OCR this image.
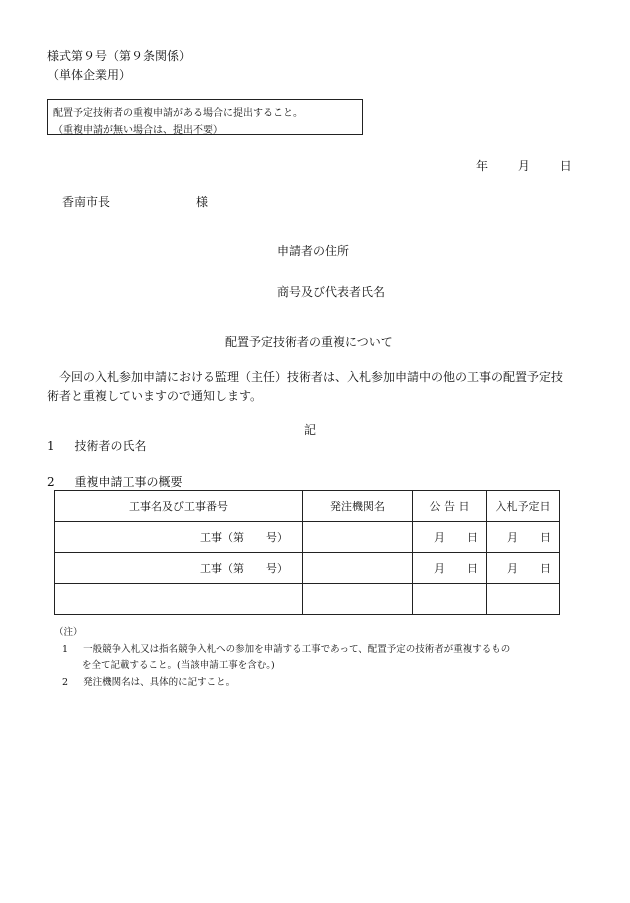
様式第９号（第９条関係）
（単体企業用）
配置予定技術者の重複申請がある場合に提出すること。
（重複申請が無い場合は、提出不要）
年 月 日
香南市長	様
申請者の住所
商号及び代表者氏名
配置予定技術者の重複について
今回の入札参加申請における監理（主任）技術者は、入札参加申請中の他の工事の配置予定技術者と重複していますので通知します。
記
1 技術者の氏名
2 重複申請工事の概要
工事名及び工事番号	発注機関名	公 告 日	入札予定日
工事（第　　号）		月 日	月 日

工事（第　　号）		月 日	月 日

（注）
1 一般競争入札又は指名競争入札への参加を申請する工事であって、配置予定の技術者が重複するもの
を全て記載すること。(当該申請工事を含む。)
2 発注機関名は、具体的に記すこと。
